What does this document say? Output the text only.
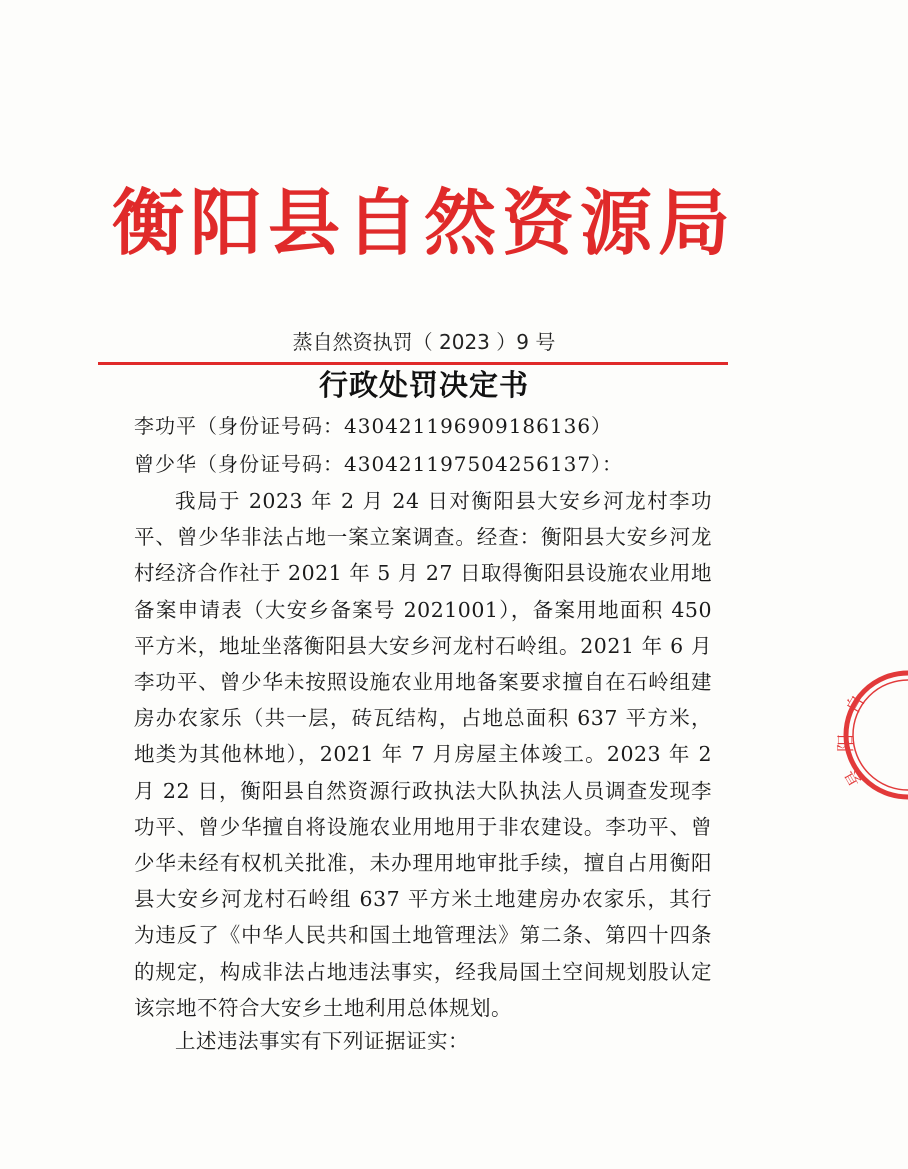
衡阳县自然资源局
蒸自然资执罚（ 2023 ）9 号
行政处罚决定书
李功平（身份证号码：430421196909186136）
曾少华（身份证号码：430421197504256137）：
我局于 2023 年 2 月 24 日对衡阳县大安乡河龙村李功平、曾少华非法占地一案立案调查。经查：衡阳县大安乡河龙村经济合作社于 2021 年 5 月 27 日取得衡阳县设施农业用地备案申请表（大安乡备案号 2021001），备案用地面积 450 平方米，地址坐落衡阳县大安乡河龙村石岭组。2021 年 6 月李功平、曾少华未按照设施农业用地备案要求擅自在石岭组建房办农家乐（共一层，砖瓦结构，占地总面积 637 平方米，地类为其他林地），2021 年 7 月房屋主体竣工。2023 年 2 月 22 日，衡阳县自然资源行政执法大队执法人员调查发现李功平、曾少华擅自将设施农业用地用于非农建设。李功平、曾少华未经有权机关批准，未办理用地审批手续，擅自占用衡阳县大安乡河龙村石岭组 637 平方米土地建房办农家乐，其行为违反了《中华人民共和国土地管理法》第二条、第四十四条的规定，构成非法占地违法事实，经我局国土空间规划股认定该宗地不符合大安乡土地利用总体规划。
上述违法事实有下列证据证实：
自
阳
县
